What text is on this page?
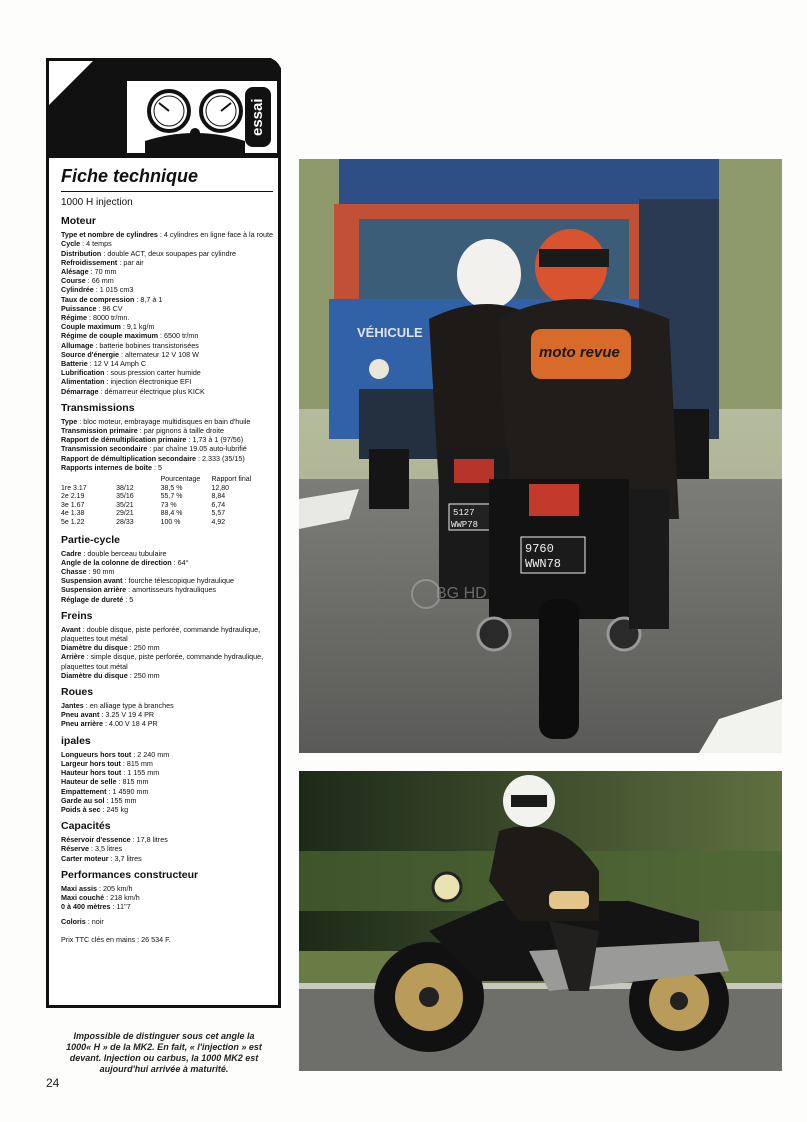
essai
Fiche technique
1000 H injection
Moteur

Type et nombre de cylindres : 4 cylindres en ligne face à la route

Cycle : 4 temps

Distribution : double ACT, deux soupapes par cylindre

Refroidissement : par air

Alésage : 70 mm

Course : 66 mm

Cylindrée : 1 015 cm3

Taux de compression : 8,7 à 1

Puissance : 96 CV

Régime : 8000 tr/mn.

Couple maximum : 9,1 kg/m

Régime de couple maximum : 6500 tr/mn

Allumage : batterie bobines transistorisées

Source d'énergie : alternateur 12 V 108 W

Batterie : 12 V 14 Amph C

Lubrification : sous pression carter humide

Alimentation : injection électronique EFI

Démarrage : démarreur électrique plus KICK

Transmissions

Type : bloc moteur, embrayage multidisques en bain d'huile

Transmission primaire : par pignons à taille droite

Rapport de démultiplication primaire : 1,73 à 1 (97/56)

Transmission secondaire : par chaîne 19.05 auto-lubrifié

Rapport de démultiplication secondaire : 2.333 (35/15)

Rapports internes de boîte : 5

		Pourcentage	Rapport final
1re 3.17	38/12	38,5 %	12,80
2e 2.19	35/16	55,7 %	8,84
3e 1.67	35/21	73 %	6,74
4e 1.38	29/21	88,4 %	5,57
5e 1.22	28/33	100 %	4,92
Partie-cycle

Cadre : double berceau tubulaire

Angle de la colonne de direction : 64°

Chasse : 90 mm

Suspension avant : fourche télescopique hydraulique

Suspension arrière : amortisseurs hydrauliques

Réglage de dureté : 5

Freins

Avant : double disque, piste perforée, commande hydraulique, plaquettes tout métal

Diamètre du disque : 250 mm

Arrière : simple disque, piste perforée, commande hydraulique, plaquettes tout métal

Diamètre du disque : 250 mm

Roues

Jantes : en alliage type à branches

Pneu avant : 3.25 V 19 4 PR

Pneu arrière : 4.00 V 18 4 PR

ipales

Longueurs hors tout : 2 240 mm

Largeur hors tout : 815 mm

Hauteur hors tout : 1 155 mm

Hauteur de selle : 815 mm

Empattement : 1 4590 mm

Garde au sol : 155 mm

Poids à sec : 245 kg

Capacités

Réservoir d'essence : 17,8 litres

Réserve : 3,5 litres

Carter moteur : 3,7 litres

Performances constructeur

Maxi assis : 205 km/h

Maxi couché : 218 km/h

0 à 400 mètres : 11''7

Coloris : noir

Prix TTC clés en mains : 26 534 F.

VÉHICULE
moto revue
5127
WWP78
9760
WWN78
BG HD
Impossible de distinguer sous cet angle la
1000« H » de la MK2. En fait, « l'injection » est
devant. Injection ou carbus, la 1000 MK2 est
aujourd'hui arrivée à maturité.
24
